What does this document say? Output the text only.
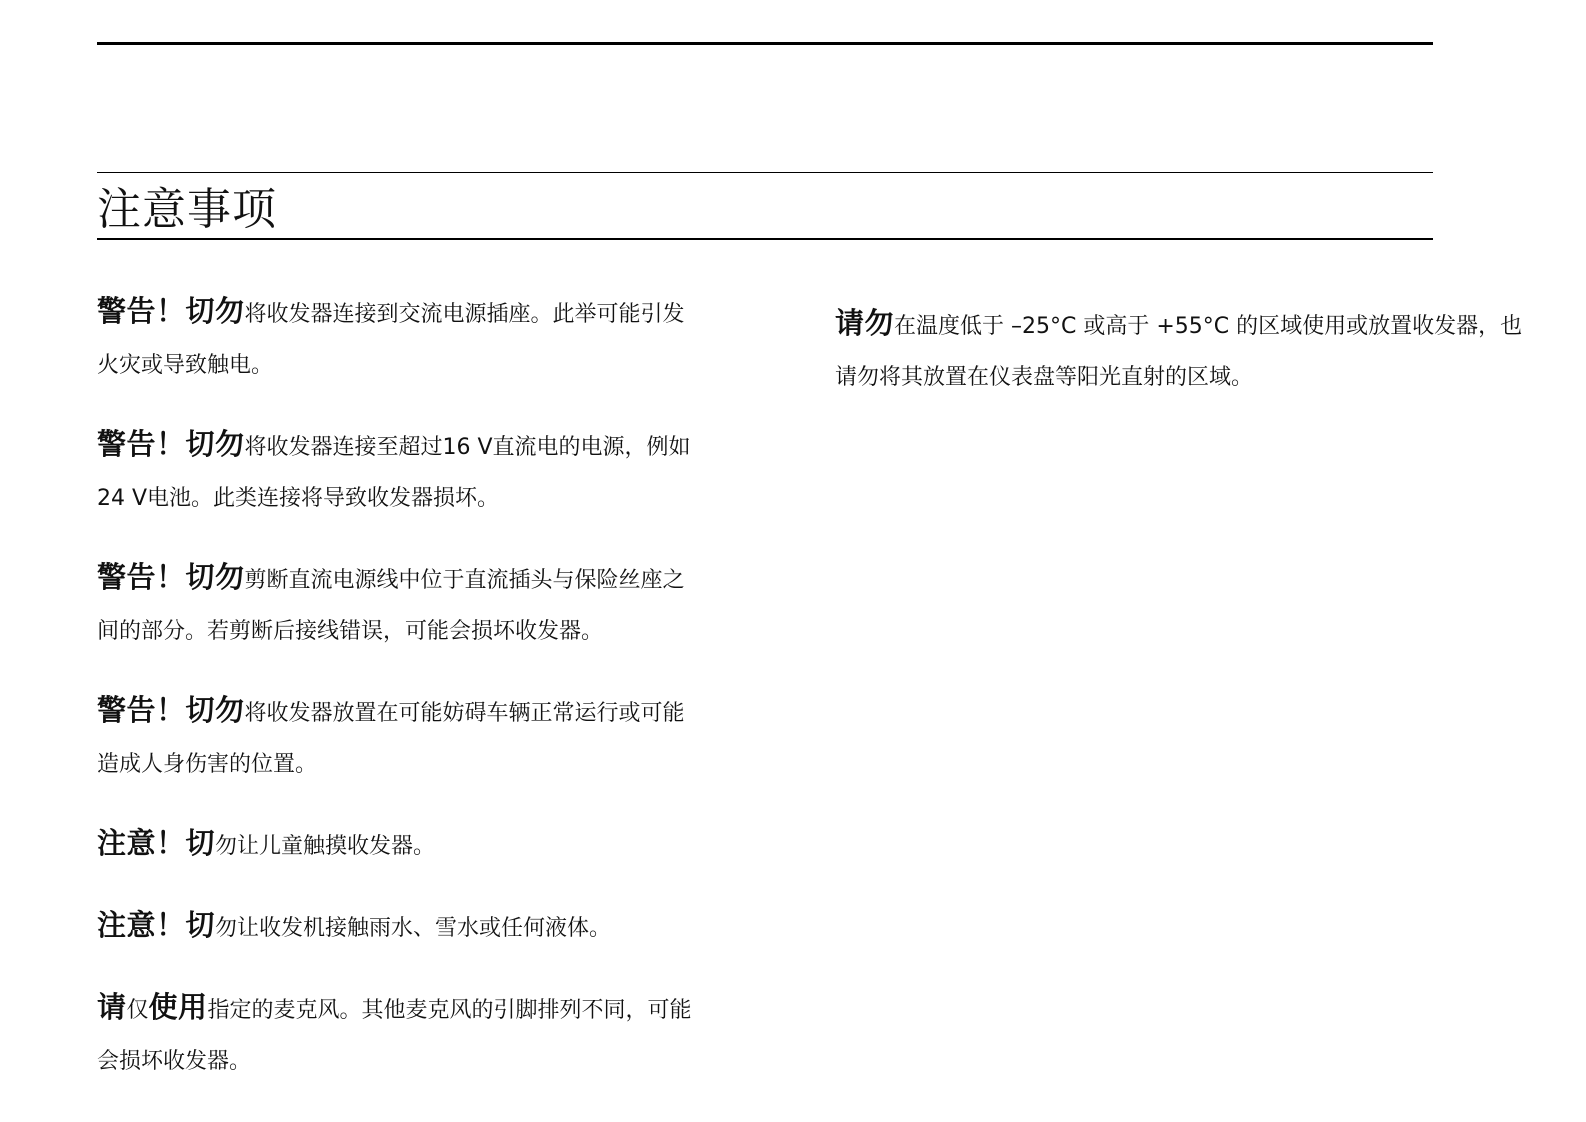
注意事项

警告！切勿将收发器连接到交流电源插座。此举可能引发
火灾或导致触电。

警告！切勿将收发器连接至超过16 V直流电的电源，例如
24 V电池。此类连接将导致收发器损坏。

警告！切勿剪断直流电源线中位于直流插头与保险丝座之
间的部分。若剪断后接线错误，可能会损坏收发器。

警告！切勿将收发器放置在可能妨碍车辆正常运行或可能
造成人身伤害的位置。

注意！切勿让儿童触摸收发器。

注意！切勿让收发机接触雨水、雪水或任何液体。

请仅使用指定的麦克风。其他麦克风的引脚排列不同，可能
会损坏收发器。

请勿在温度低于 –25°C 或高于 +55°C 的区域使用或放置收发器，也
请勿将其放置在仪表盘等阳光直射的区域。
